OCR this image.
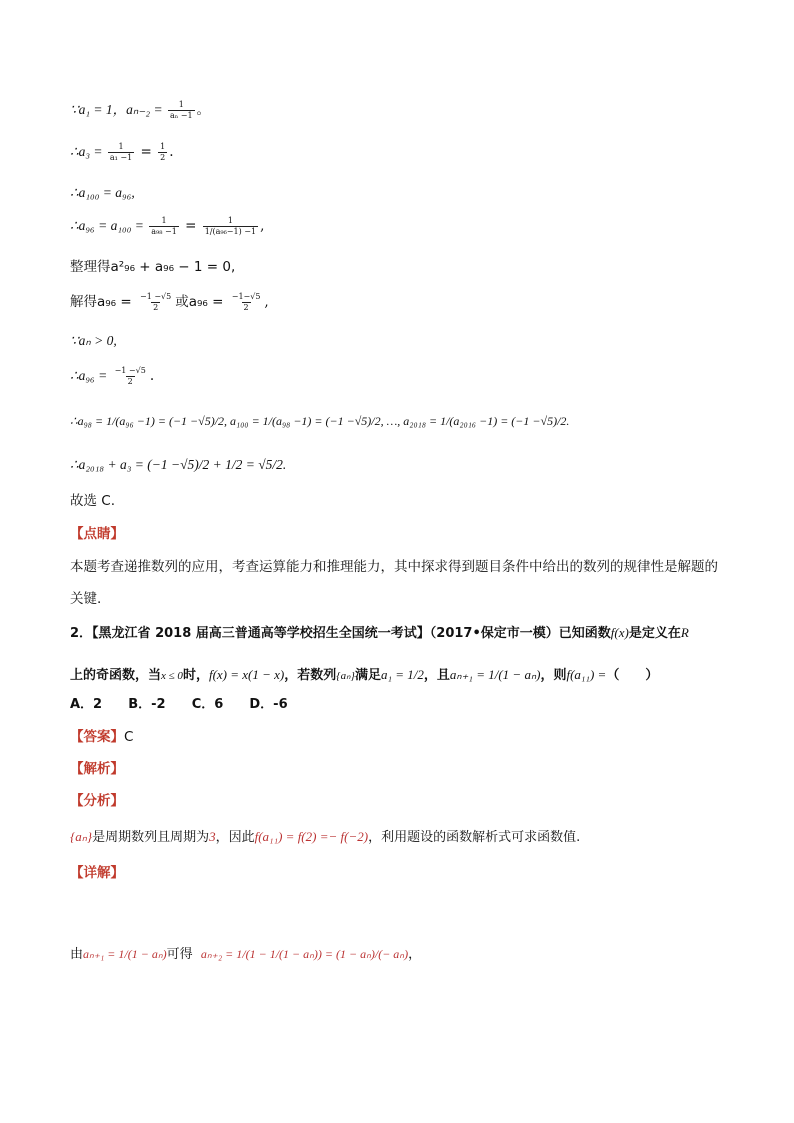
∵a₁ = 1，$a_{n-2} = \frac{1}{\text{aₙ −1}}$ 。
∴a₃ = $\frac{1}{\text{a₁ −1}} = \frac{1}{2}$ .
∴a₁₀₀ = a₉₆,
∴a₉₆ = $a_{100} = \frac{1}{\text{a₉₈ −1}} = \frac{1}{\text{1/(a₉₆−1) −1}}$ ,
整理得a²₉₆ + a₉₆ − 1 = 0,
解得$a_{96} = \frac{-1 -√5}{2}$ 或$a_{96} = \frac{-1-√5}{2}$ ,
∵aₙ > 0,
∴a₉₆ = $\frac{-1 -√5}{2}$ .
∴a₉₈ = 1/(a₉₆ −1) = (−1 −√5)/2, a₁₀₀ = 1/(a₉₈ −1) = (−1 −√5)/2, …, a₂₀₁₈ = 1/(a₂₀₁₆ −1) = (−1 −√5)/2.
∴a₂₀₁₈ + a₃ = (−1 −√5)/2 + 1/2 = √5/2.
故选 C.
【点睛】
本题考查递推数列的应用，考查运算能力和推理能力，其中探求得到题目条件中给出的数列的规律性是解题的关键.
2．【黑龙江省 2018 届高三普通高等学校招生全国统一考试】（2017•保定市一模）已知函数f(x)是定义在R
上的奇函数，当x ≤ 0时，f(x) = x(1 − x)，若数列{aₙ}满足a₁ = 1/2，且aₙ₊₁ = 1/(1 − aₙ)，则f(a₁₁) =（　　）
A．2 B．-2 C．6 D．-6
【答案】C
【解析】
【分析】
{aₙ}是周期数列且周期为3，因此f(a₁₁) = f(2) =− f(−2)，利用题设的函数解析式可求函数值.
【详解】
由aₙ₊₁ = 1/(1 − aₙ)可得 aₙ₊₂ = 1/(1 − 1/(1 − aₙ)) = (1 − aₙ)/(− aₙ)，
